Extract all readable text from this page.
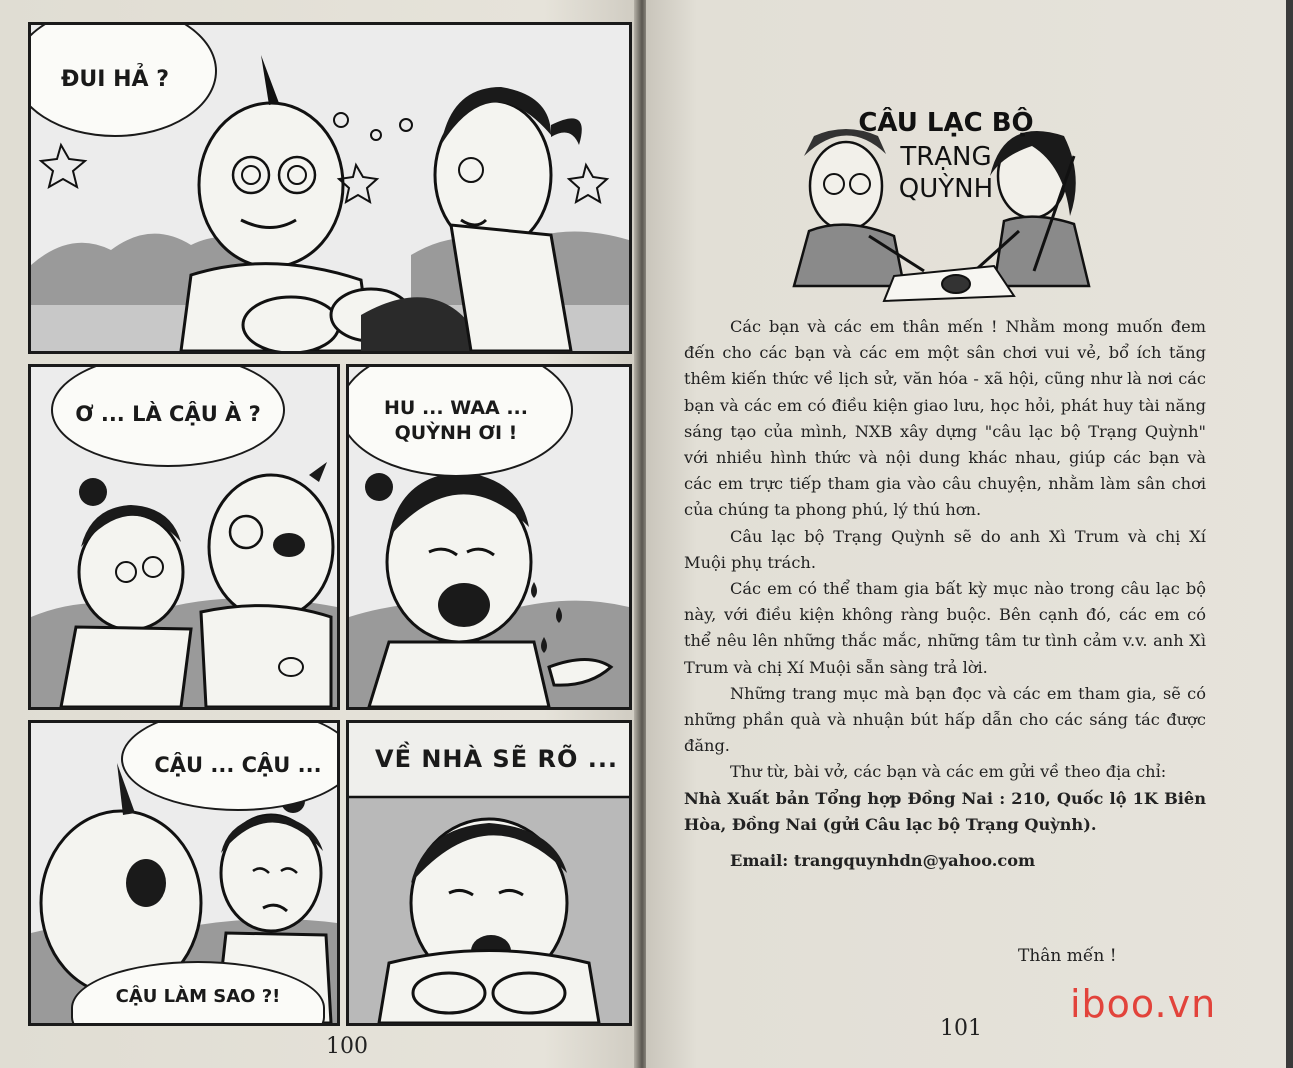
ĐUI HẢ ?
Ơ ... LÀ CẬU À ?	HU ... WAA ...
QUỲNH ƠI !
CẬU ... CẬU ...
CẬU LÀM SAO ?!
VỀ NHÀ SẼ RÕ ...
100
CÂU LẠC BỘ
TRẠNG
QUỲNH

Các bạn và các em thân mến ! Nhằm mong muốn đem đến cho các bạn và các em một sân chơi vui vẻ, bổ ích tăng thêm kiến thức về lịch sử, văn hóa - xã hội, cũng như là nơi các bạn và các em có điều kiện giao lưu, học hỏi, phát huy tài năng sáng tạo của mình, NXB xây dựng "câu lạc bộ Trạng Quỳnh" với nhiều hình thức và nội dung khác nhau, giúp các bạn và các em trực tiếp tham gia vào câu chuyện, nhằm làm sân chơi của chúng ta phong phú, lý thú hơn.

Câu lạc bộ Trạng Quỳnh sẽ do anh Xì Trum và chị Xí Muội phụ trách.

Các em có thể tham gia bất kỳ mục nào trong câu lạc bộ này, với điều kiện không ràng buộc. Bên cạnh đó, các em có thể nêu lên những thắc mắc, những tâm tư tình cảm v.v. anh Xì Trum và chị Xí Muội sẵn sàng trả lời.

Những trang mục mà bạn đọc và các em tham gia, sẽ có những phần quà và nhuận bút hấp dẫn cho các sáng tác được đăng.

Thư từ, bài vở, các bạn và các em gửi về theo địa chỉ:

Nhà Xuất bản Tổng hợp Đồng Nai : 210, Quốc lộ 1K Biên Hòa, Đồng Nai (gửi Câu lạc bộ Trạng Quỳnh).

Email: trangquynhdn@yahoo.com

Thân mến !
iboo.vn
101
